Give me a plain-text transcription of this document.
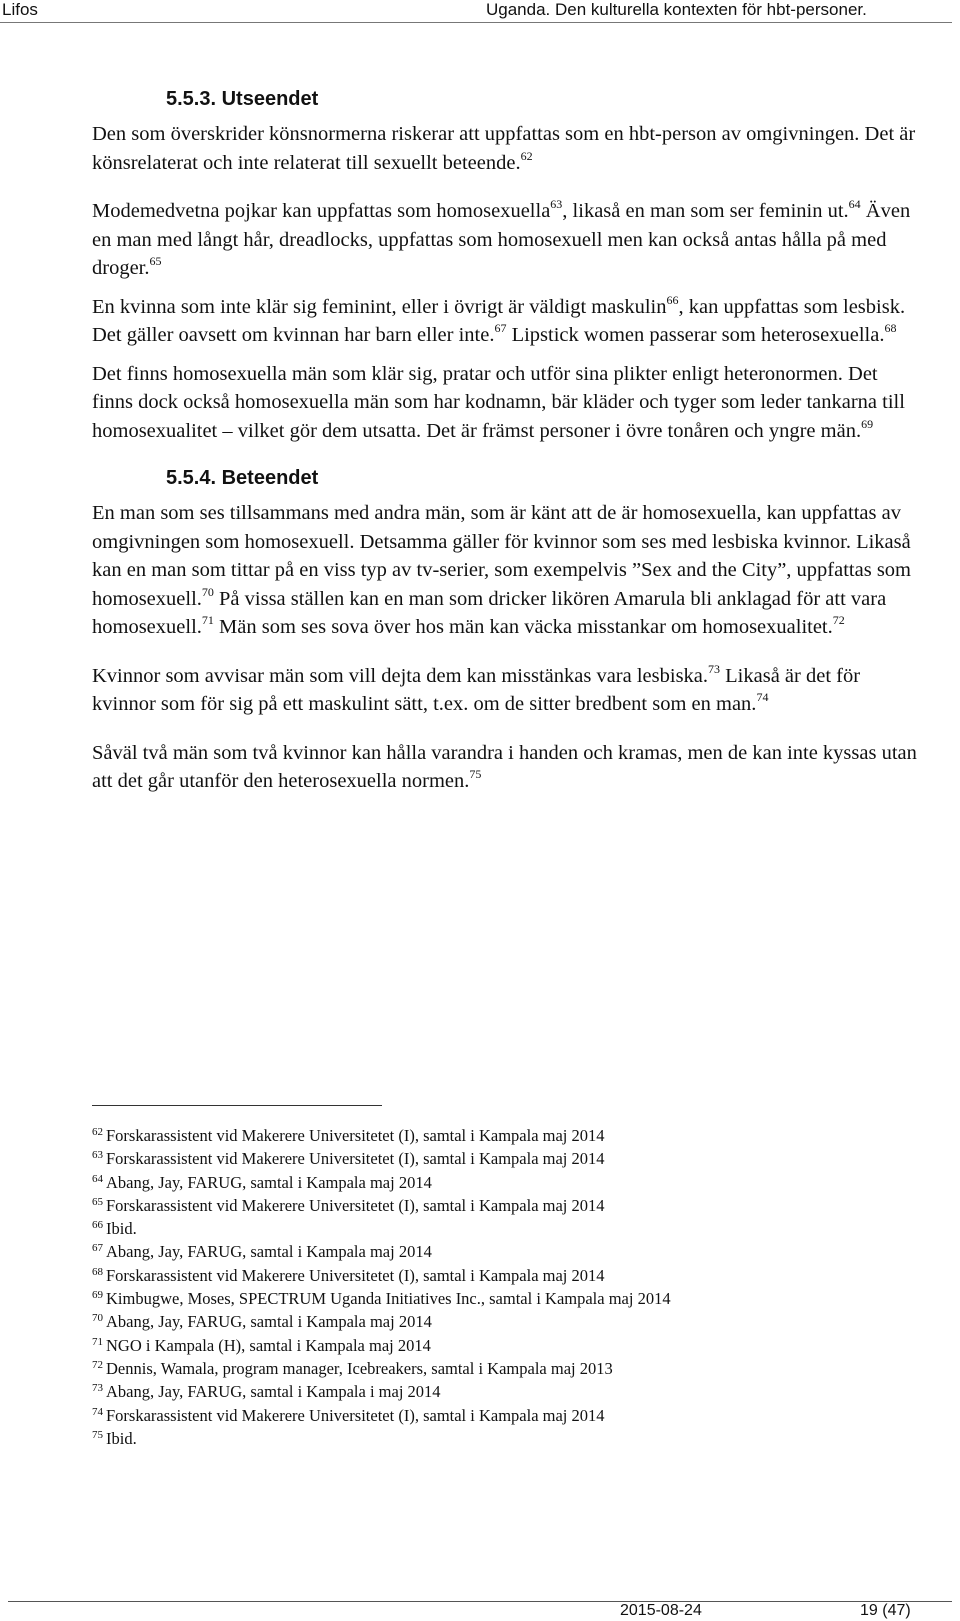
Lifos	Uganda. Den kulturella kontexten för hbt-personer.
5.5.3. Utseendet

Den som överskrider könsnormerna riskerar att uppfattas som en hbt-person av omgivningen. Det är könsrelaterat och inte relaterat till sexuellt beteende.$^{62}$

Modemedvetna pojkar kan uppfattas som homosexuella$^{63}$, likaså en man som ser feminin ut.$^{64}$ Även en man med långt hår, dreadlocks, uppfattas som homosexuell men kan också antas hålla på med droger.$^{65}$

En kvinna som inte klär sig feminint, eller i övrigt är väldigt maskulin$^{66}$, kan uppfattas som lesbisk. Det gäller oavsett om kvinnan har barn eller inte.$^{67}$ Lipstick women passerar som heterosexuella.$^{68}$

Det finns homosexuella män som klär sig, pratar och utför sina plikter enligt heteronormen. Det finns dock också homosexuella män som har kodnamn, bär kläder och tyger som leder tankarna till homosexualitet – vilket gör dem utsatta. Det är främst personer i övre tonåren och yngre män.$^{69}$

5.5.4. Beteendet

En man som ses tillsammans med andra män, som är känt att de är homosexuella, kan uppfattas av omgivningen som homosexuell. Detsamma gäller för kvinnor som ses med lesbiska kvinnor. Likaså kan en man som tittar på en viss typ av tv-serier, som exempelvis ”Sex and the City”, uppfattas som homosexuell.$^{70}$ På vissa ställen kan en man som dricker likören Amarula bli anklagad för att vara homosexuell.$^{71}$ Män som ses sova över hos män kan väcka misstankar om homosexualitet.$^{72}$

Kvinnor som avvisar män som vill dejta dem kan misstänkas vara lesbiska.$^{73}$ Likaså är det för kvinnor som för sig på ett maskulint sätt, t.ex. om de sitter bredbent som en man.$^{74}$

Såväl två män som två kvinnor kan hålla varandra i handen och kramas, men de kan inte kyssas utan att det går utanför den heterosexuella normen.$^{75}$

$^{62}$ Forskarassistent vid Makerere Universitetet (I), samtal i Kampala maj 2014
$^{63}$ Forskarassistent vid Makerere Universitetet (I), samtal i Kampala maj 2014
$^{64}$ Abang, Jay, FARUG, samtal i Kampala maj 2014
$^{65}$ Forskarassistent vid Makerere Universitetet (I), samtal i Kampala maj 2014
$^{66}$ Ibid.
$^{67}$ Abang, Jay, FARUG, samtal i Kampala maj 2014
$^{68}$ Forskarassistent vid Makerere Universitetet (I), samtal i Kampala maj 2014
$^{69}$ Kimbugwe, Moses, SPECTRUM Uganda Initiatives Inc., samtal i Kampala maj 2014
$^{70}$ Abang, Jay, FARUG, samtal i Kampala maj 2014
$^{71}$ NGO i Kampala (H), samtal i Kampala maj 2014
$^{72}$ Dennis, Wamala, program manager, Icebreakers, samtal i Kampala maj 2013
$^{73}$ Abang, Jay, FARUG, samtal i Kampala i maj 2014
$^{74}$ Forskarassistent vid Makerere Universitetet (I), samtal i Kampala maj 2014
$^{75}$ Ibid.
2015-08-24	19 (47)
